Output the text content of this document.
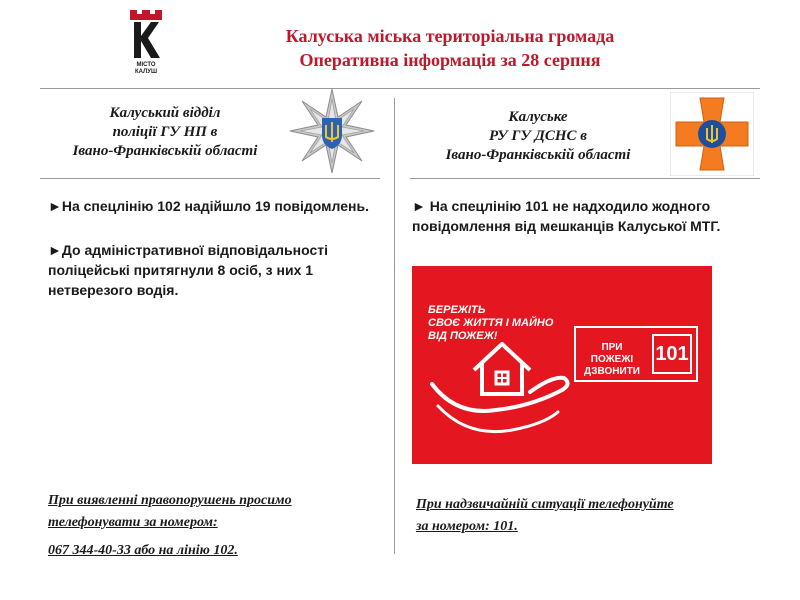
МІСТО
КАЛУШ
Калуська міська територіальна громада
Оперативна інформація за 28 серпня
Калуський відділ
поліції ГУ НП в
Івано-Франківській області
Калуське
РУ ГУ ДСНС в
Івано-Франківській області

►На спецлінію 102 надійшло 19 повідомлень.

►До адміністративної відповідальності поліцейські притягнули 8 осіб, з них 1 нетверезого водія.

► На спецлінію 101 не надходило жодного повідомлення від мешканців Калуської МТГ.

БЕРЕЖІТЬ
СВОЄ ЖИТТЯ І МАЙНО
ВІД ПОЖЕЖ!
ПРИ
ПОЖЕЖІ
ДЗВОНИТИ
101
При виявленні правопорушень просимо
телефонувати за номером:
067 344-40-33 або на лінію 102.
При надзвичайній ситуації телефонуйте
за номером: 101.
